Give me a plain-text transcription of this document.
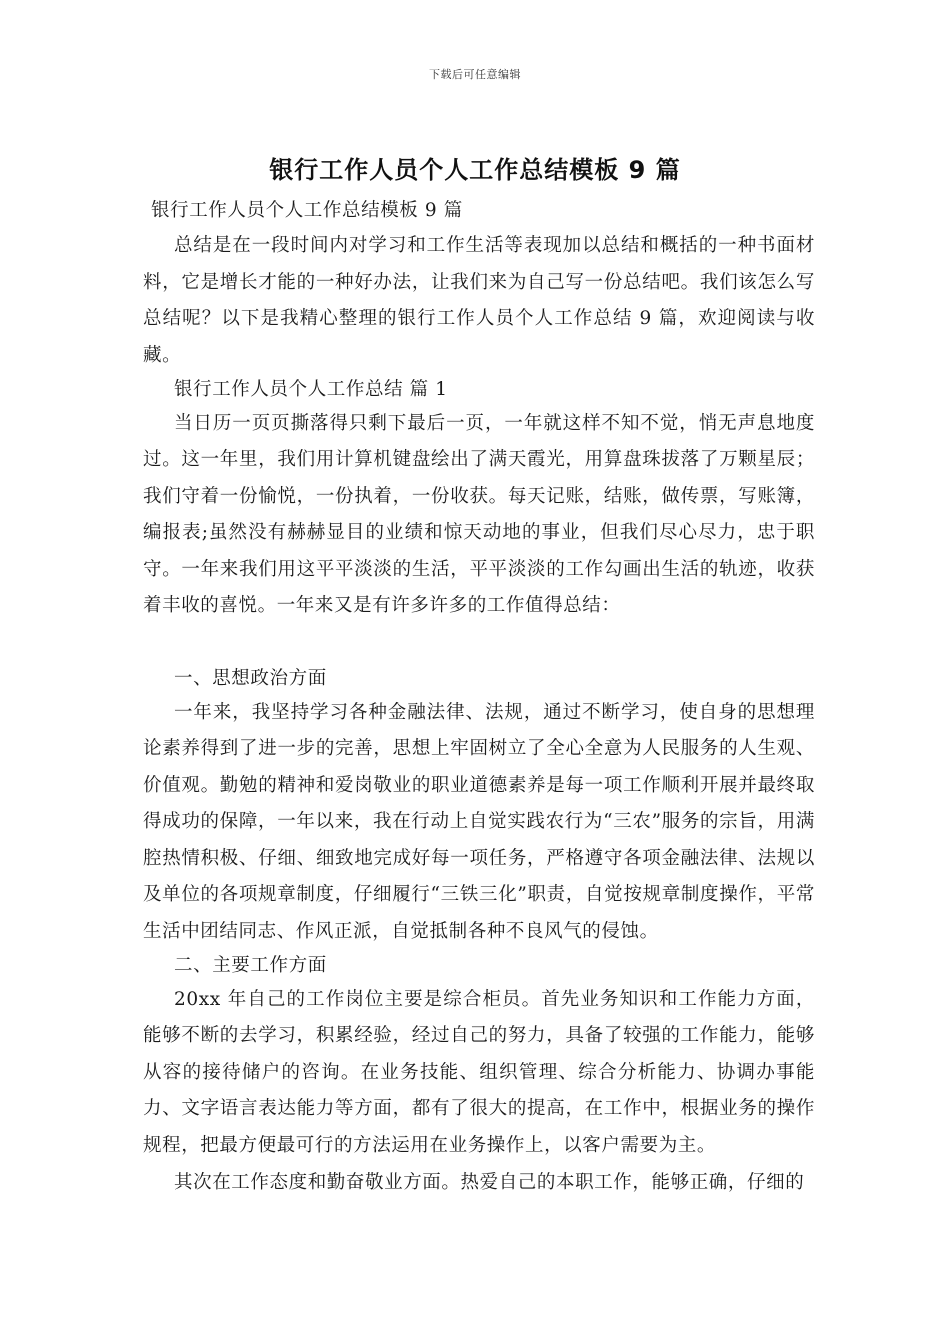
下载后可任意编辑
银行工作人员个人工作总结模板 9 篇

银行工作人员个人工作总结模板 9 篇

总结是在一段时间内对学习和工作生活等表现加以总结和概括的一种书面材料，它是增长才能的一种好办法，让我们来为自己写一份总结吧。我们该怎么写总结呢？以下是我精心整理的银行工作人员个人工作总结 9 篇，欢迎阅读与收藏。

银行工作人员个人工作总结 篇 1

当日历一页页撕落得只剩下最后一页，一年就这样不知不觉，悄无声息地度过。这一年里，我们用计算机键盘绘出了满天霞光，用算盘珠拔落了万颗星辰；我们守着一份愉悦，一份执着，一份收获。每天记账，结账，做传票，写账簿，编报表;虽然没有赫赫显目的业绩和惊天动地的事业，但我们尽心尽力，忠于职守。一年来我们用这平平淡淡的生活，平平淡淡的工作勾画出生活的轨迹，收获着丰收的喜悦。一年来又是有许多许多的工作值得总结：

一、思想政治方面

一年来，我坚持学习各种金融法律、法规，通过不断学习，使自身的思想理论素养得到了进一步的完善，思想上牢固树立了全心全意为人民服务的人生观、价值观。勤勉的精神和爱岗敬业的职业道德素养是每一项工作顺利开展并最终取得成功的保障，一年以来，我在行动上自觉实践农行为“三农”服务的宗旨，用满腔热情积极、仔细、细致地完成好每一项任务，严格遵守各项金融法律、法规以及单位的各项规章制度，仔细履行“三铁三化”职责，自觉按规章制度操作，平常生活中团结同志、作风正派，自觉抵制各种不良风气的侵蚀。

二、主要工作方面

20xx 年自己的工作岗位主要是综合柜员。首先业务知识和工作能力方面，能够不断的去学习，积累经验，经过自己的努力，具备了较强的工作能力，能够从容的接待储户的咨询。在业务技能、组织管理、综合分析能力、协调办事能力、文字语言表达能力等方面，都有了很大的提高，在工作中，根据业务的操作规程，把最方便最可行的方法运用在业务操作上，以客户需要为主。

其次在工作态度和勤奋敬业方面。热爱自己的本职工作，能够正确，仔细的
